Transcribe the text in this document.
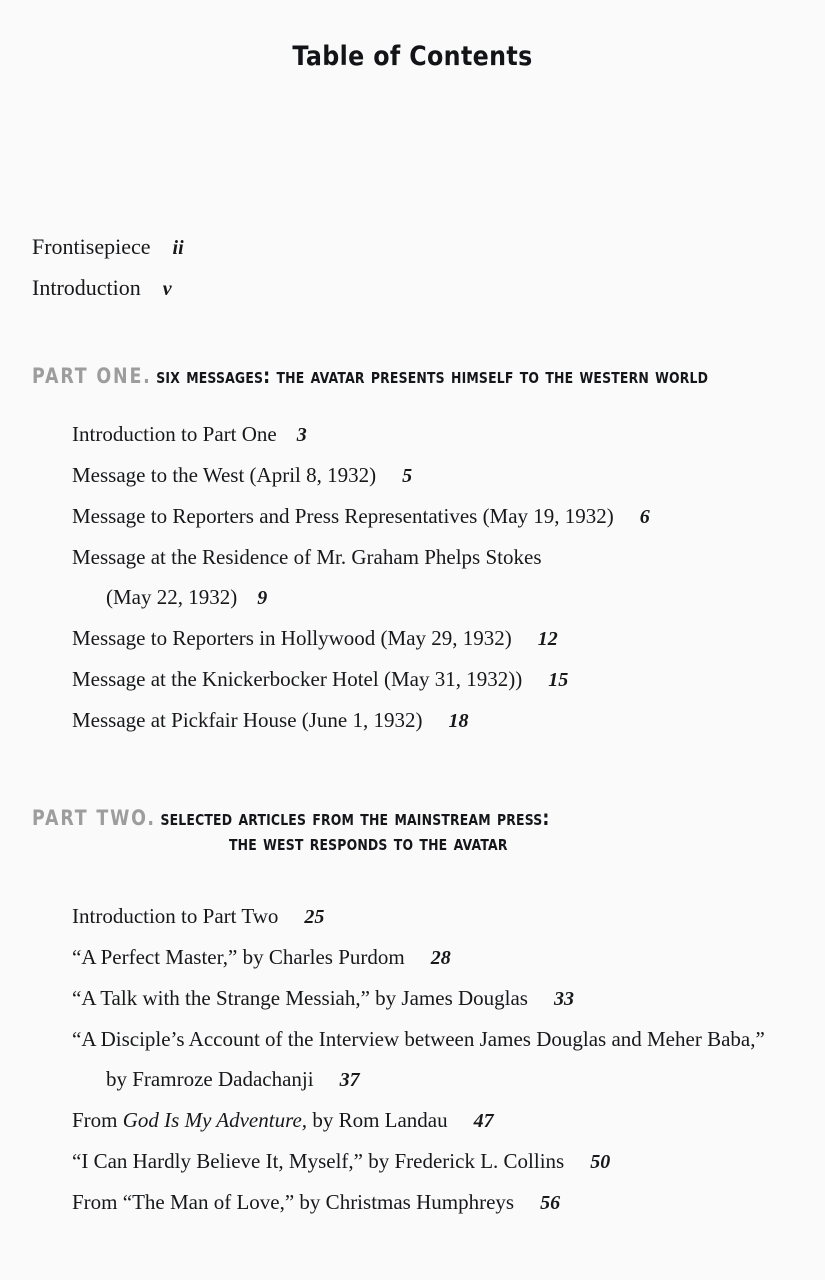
Table of Contents
Frontisepiece ii
Introduction v
PART ONE. six messages: the avatar presents himself to the western world
Introduction to Part One 3
Message to the West (April 8, 1932) 5
Message to Reporters and Press Representatives (May 19, 1932) 6
Message at the Residence of Mr. Graham Phelps Stokes
(May 22, 1932) 9
Message to Reporters in Hollywood (May 29, 1932) 12
Message at the Knickerbocker Hotel (May 31, 1932)) 15
Message at Pickfair House (June 1, 1932) 18
PART TWO. selected articles from the mainstream press:
the west responds to the avatar
Introduction to Part Two 25
“A Perfect Master,” by Charles Purdom 28
“A Talk with the Strange Messiah,” by James Douglas 33
“A Disciple’s Account of the Interview between James Douglas and Meher Baba,”
by Framroze Dadachanji 37
From God Is My Adventure, by Rom Landau 47
“I Can Hardly Believe It, Myself,” by Frederick L. Collins 50
From “The Man of Love,” by Christmas Humphreys 56
